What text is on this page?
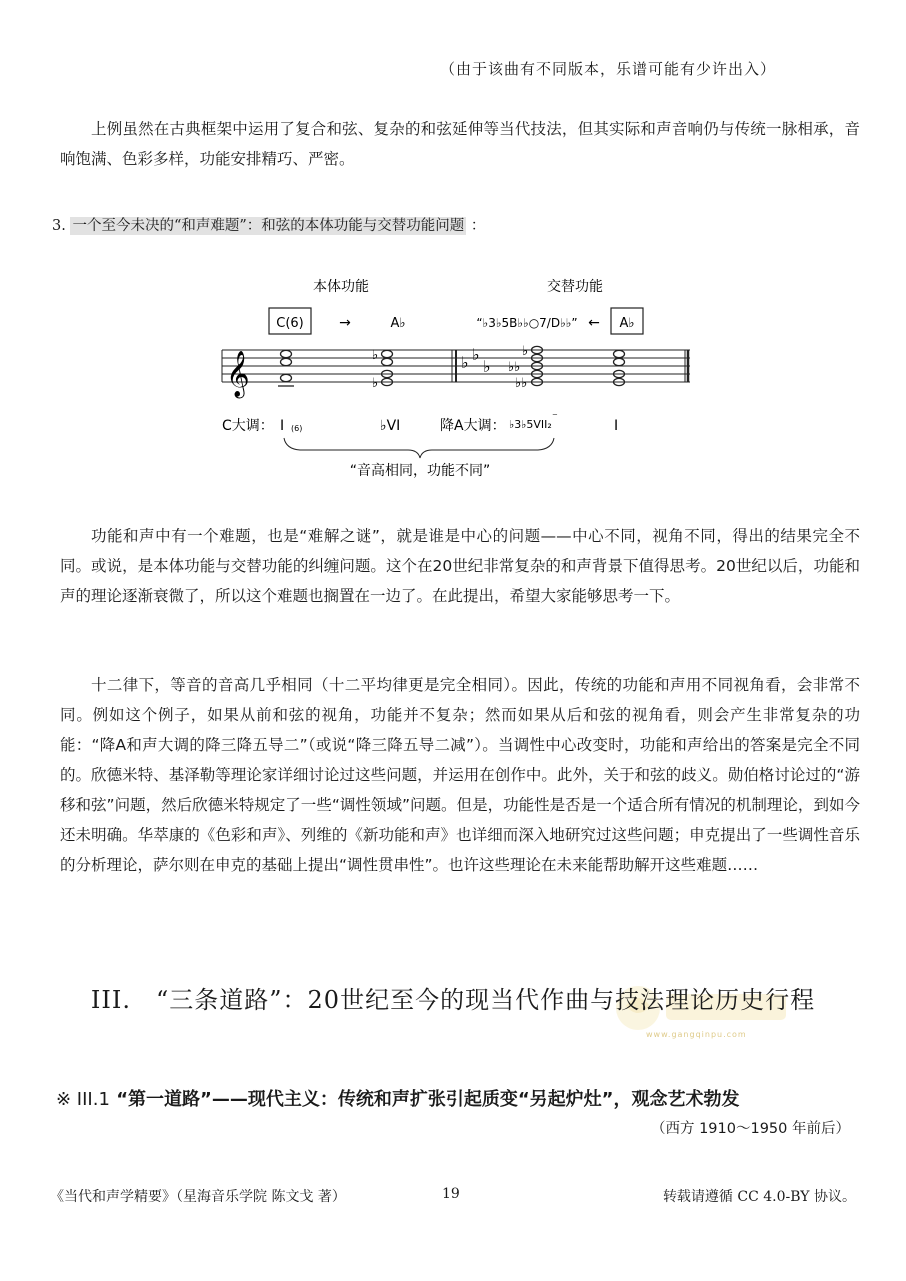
（由于该曲有不同版本，乐谱可能有少许出入）
上例虽然在古典框架中运用了复合和弦、复杂的和弦延伸等当代技法，但其实际和声音响仍与传统一脉相承，音响饱满、色彩多样，功能安排精巧、严密。
3. 一个至今未决的“和声难题”：和弦的本体功能与交替功能问题 ：
本体功能	交替功能
C(6)	→	A♭	“♭3♭5B♭♭○7/D♭♭” ← A♭
𝄞	♭ ♭
♭
♭
♭
♭
♭♭
♭♭
C大调： I (6)	♭VI	降A大调： ♭3♭5VII₂
⁻
I
“音高相同，功能不同”
功能和声中有一个难题，也是“难解之谜”，就是谁是中心的问题——中心不同，视角不同，得出的结果完全不同。或说，是本体功能与交替功能的纠缠问题。这个在20世纪非常复杂的和声背景下值得思考。20世纪以后，功能和声的理论逐渐衰微了，所以这个难题也搁置在一边了。在此提出，希望大家能够思考一下。
十二律下，等音的音高几乎相同（十二平均律更是完全相同）。因此，传统的功能和声用不同视角看，会非常不同。例如这个例子，如果从前和弦的视角，功能并不复杂；然而如果从后和弦的视角看，则会产生非常复杂的功能：“降A和声大调的降三降五导二”（或说“降三降五导二减”）。当调性中心改变时，功能和声给出的答案是完全不同的。欣德米特、基泽勒等理论家详细讨论过这些问题，并运用在创作中。此外，关于和弦的歧义。勋伯格讨论过的“游移和弦”问题，然后欣德米特规定了一些“调性领域”问题。但是，功能性是否是一个适合所有情况的机制理论，到如今还未明确。华萃康的《色彩和声》、列维的《新功能和声》也详细而深入地研究过这些问题；申克提出了一些调性音乐的分析理论，萨尔则在申克的基础上提出“调性贯串性”。也许这些理论在未来能帮助解开这些难题……
www.gangqinpu.com
III.　“三条道路”：20世纪至今的现当代作曲与技法理论历史行程
※ III.1 “第一道路”——现代主义：传统和声扩张引起质变“另起炉灶”，观念艺术勃发
（西方 1910～1950 年前后）
《当代和声学精要》（星海音乐学院 陈文戈 著）	19	转载请遵循 CC 4.0-BY 协议。
